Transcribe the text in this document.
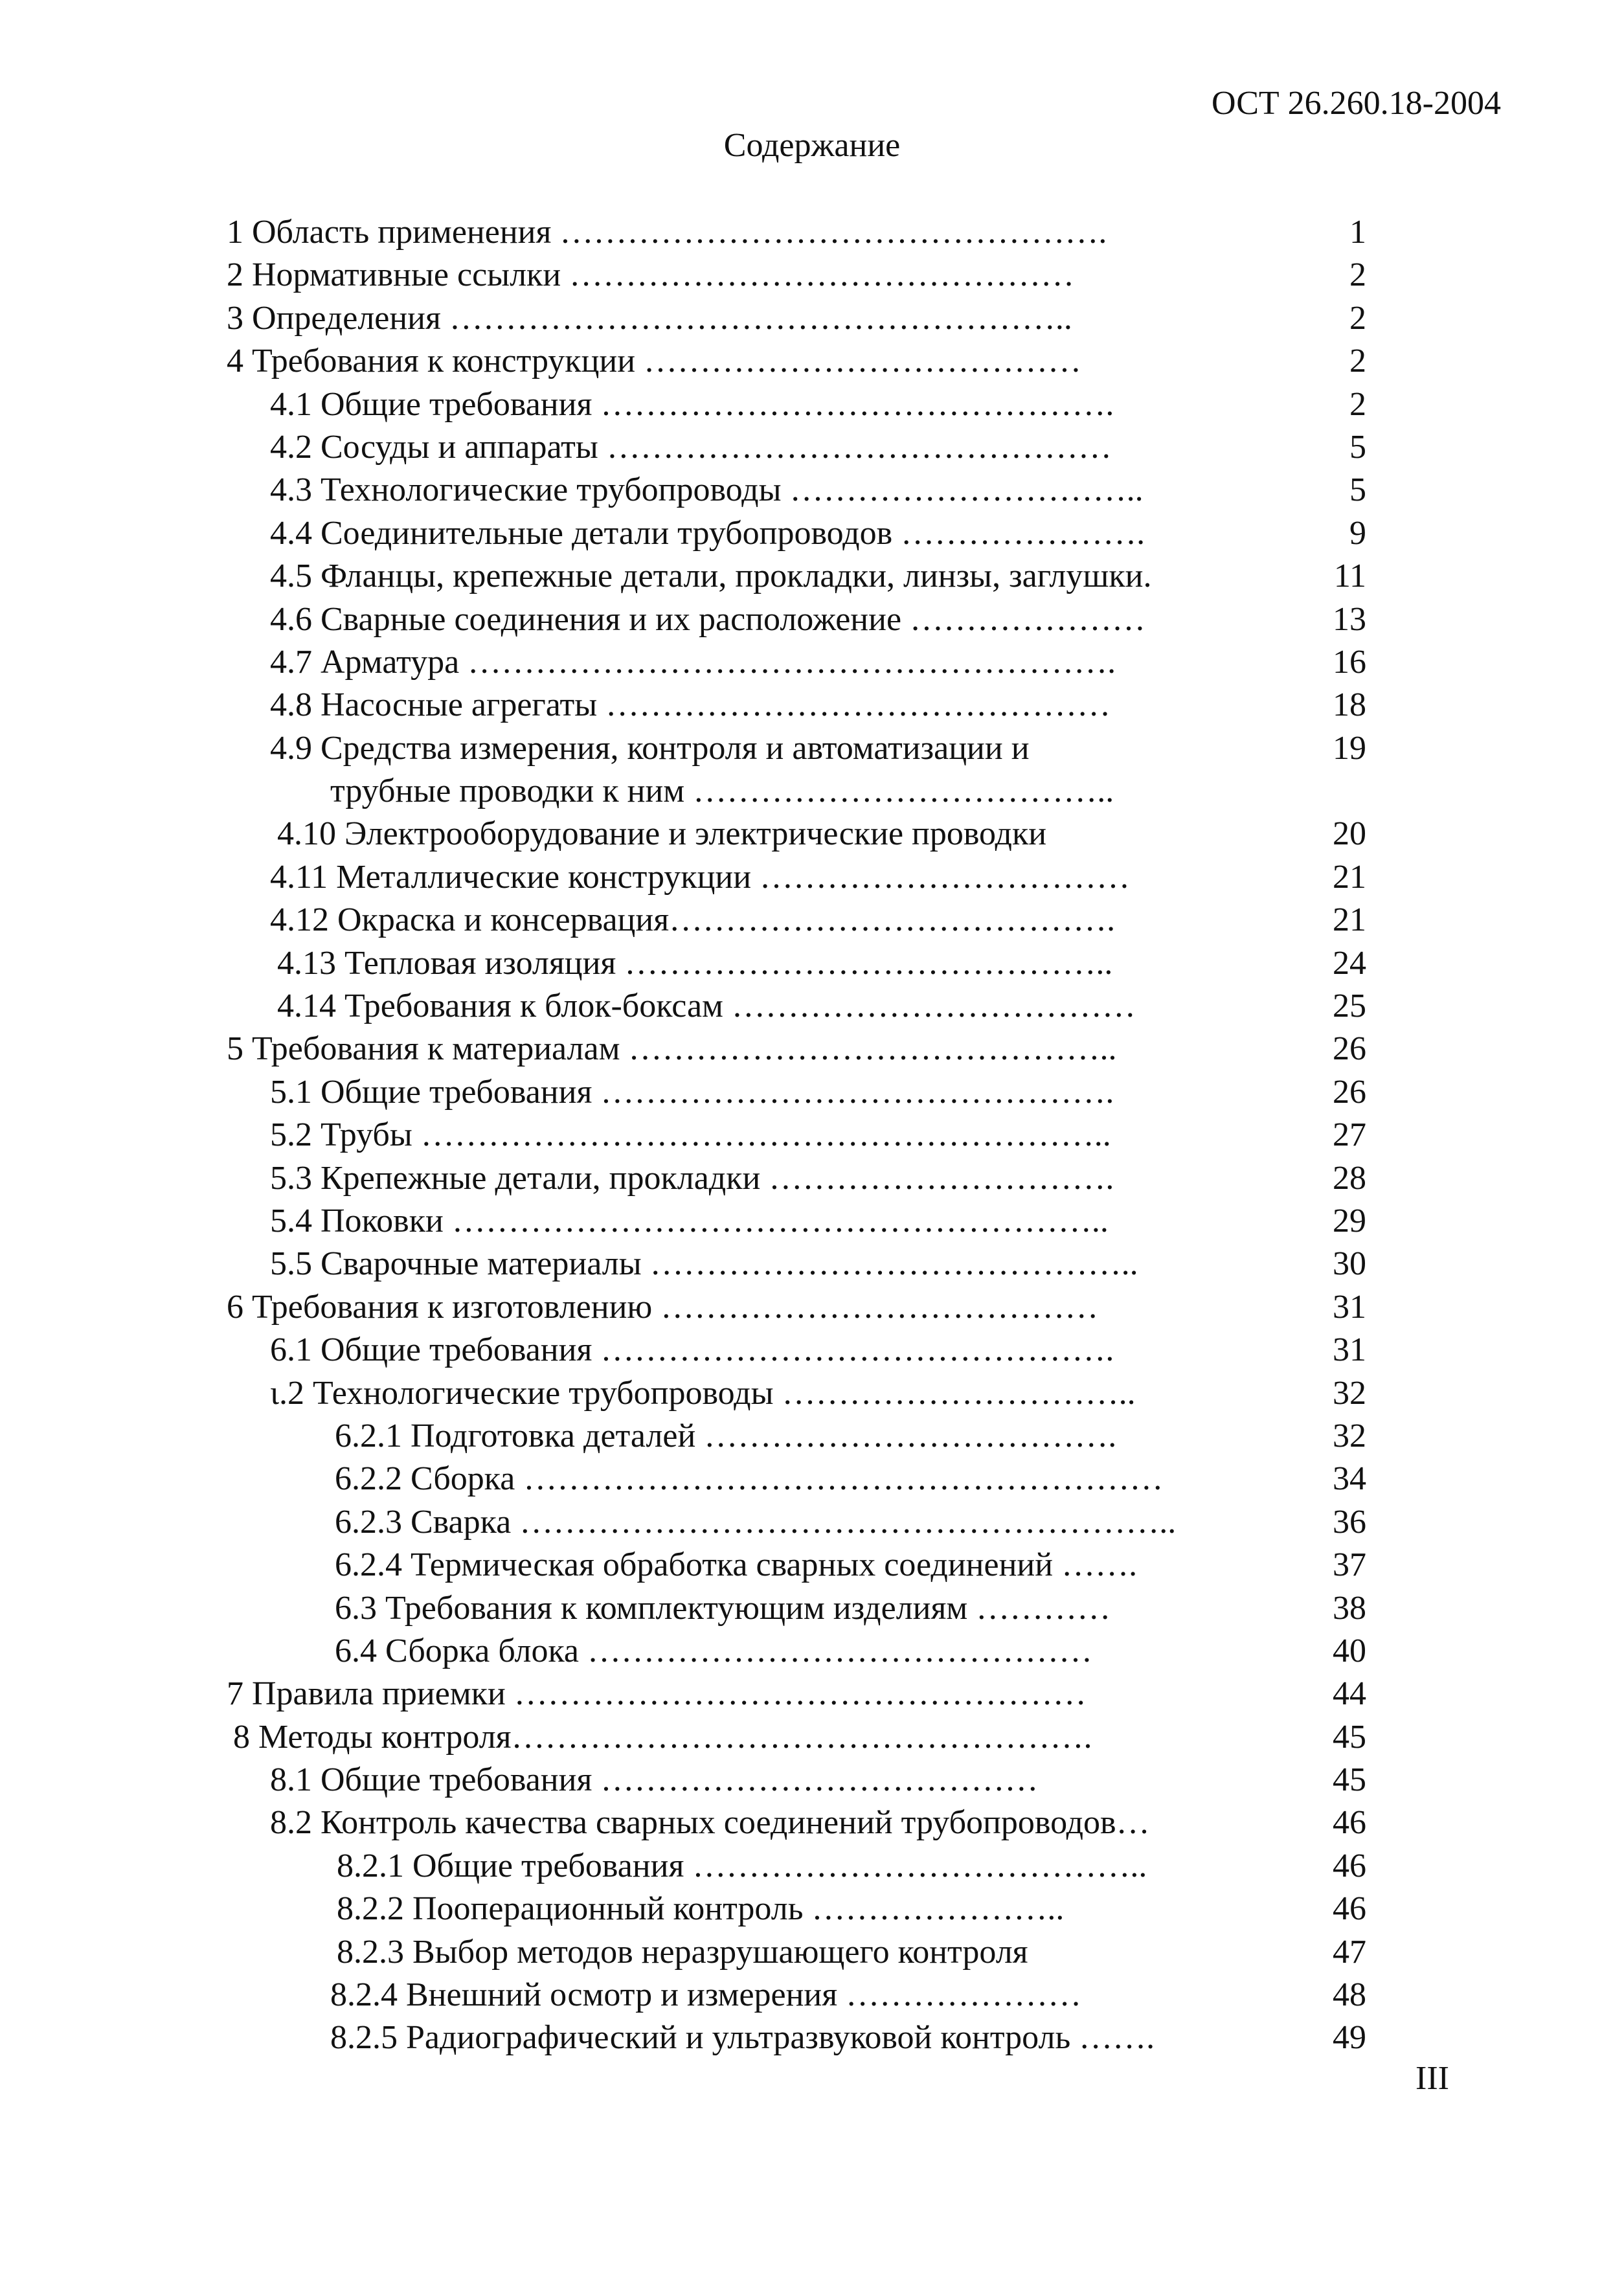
ОСТ 26.260.18-2004
Содержание
1 Область применения ………………………………………….	1
2 Нормативные ссылки ………………………………………	2
3 Определения ………………………………………………..	2
4 Требования к конструкции …………………………………	2
4.1 Общие требования ……………………………………….	2
4.2 Сосуды и аппараты ………………………………………	5
4.3 Технологические трубопроводы …………………………..	5
4.4 Соединительные детали трубопроводов ………………….	9
4.5 Фланцы, крепежные детали, прокладки, линзы, заглушки.	11
4.6 Сварные соединения и их расположение …………………	13
4.7 Арматура ………………………………………………….	16
4.8 Насосные агрегаты ………………………………………	18
4.9 Средства измерения, контроля и автоматизации и	19
трубные проводки к ним ………………………………..
4.10 Электрооборудование и электрические проводки	20
4.11 Металлические конструкции ……………………………	21
4.12 Окраска и консервация………………………………….	21
4.13 Тепловая изоляция ……………………………………..	24
4.14 Требования к блок-боксам ………………………………	25
5 Требования к материалам ……………………………………..	26
5.1 Общие требования ……………………………………….	26
5.2 Трубы ……………………………………………………..	27
5.3 Крепежные детали, прокладки ………………………….	28
5.4 Поковки …………………………………………………..	29
5.5 Сварочные материалы ……………………………………..	30
6 Требования к изготовлению …………………………………	31
6.1 Общие требования ……………………………………….	31
ɩ.2 Технологические трубопроводы …………………………..	32
6.2.1 Подготовка деталей ……………………………….	32
6.2.2 Сборка …………………………………………………	34
6.2.3 Сварка …………………………………………………..	36
6.2.4 Термическая обработка сварных соединений …….	37
6.3 Требования к комплектующим изделиям …………	38
6.4 Сборка блока ………………………………………	40
7 Правила приемки ……………………………………………	44
8 Методы контроля…………………………………………….	45
8.1 Общие требования …………………………………	45
8.2 Контроль качества сварных соединений трубопроводов…	46
8.2.1 Общие требования …………………………………..	46
8.2.2 Пооперационный контроль …………………..	46
8.2.3 Выбор методов неразрушающего контроля	47
8.2.4 Внешний осмотр и измерения …………………	48
8.2.5 Радиографический и ультразвуковой контроль …….	49
III
